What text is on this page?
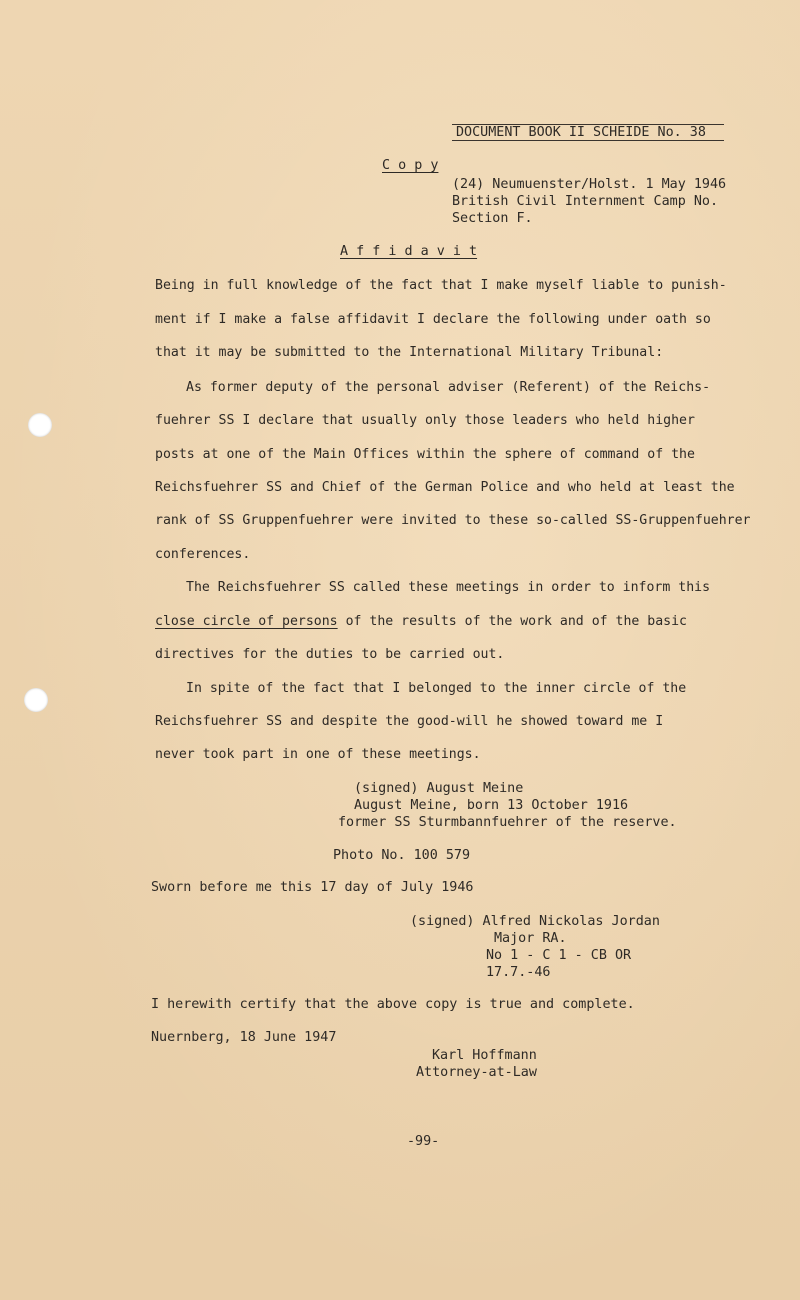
DOCUMENT BOOK II SCHEIDE No. 38
C o p y
(24) Neumuenster/Holst. 1 May 1946
British Civil Internment Camp No.
Section F.
A f f i d a v i t
Being in full knowledge of the fact that I make myself liable to punish-
ment if I make a false affidavit I declare the following under oath so
that it may be submitted to the International Military Tribunal:
As former deputy of the personal adviser (Referent) of the Reichs-
fuehrer SS I declare that usually only those leaders who held higher
posts at one of the Main Offices within the sphere of command of the
Reichsfuehrer SS and Chief of the German Police and who held at least the
rank of SS Gruppenfuehrer were invited to these so-called SS-Gruppenfuehrer
conferences.
The Reichsfuehrer SS called these meetings in order to inform this
close circle of persons of the results of the work and of the basic
directives for the duties to be carried out.
In spite of the fact that I belonged to the inner circle of the
Reichsfuehrer SS and despite the good-will he showed toward me I
never took part in one of these meetings.
(signed) August Meine
August Meine, born 13 October 1916
former SS Sturmbannfuehrer of the reserve.
Photo No. 100 579
Sworn before me this 17 day of July 1946
(signed) Alfred Nickolas Jordan
Major RA.
No 1 - C 1 - CB OR
17.7.-46
I herewith certify that the above copy is true and complete.
Nuernberg, 18 June 1947
Karl Hoffmann
Attorney-at-Law
-99-
